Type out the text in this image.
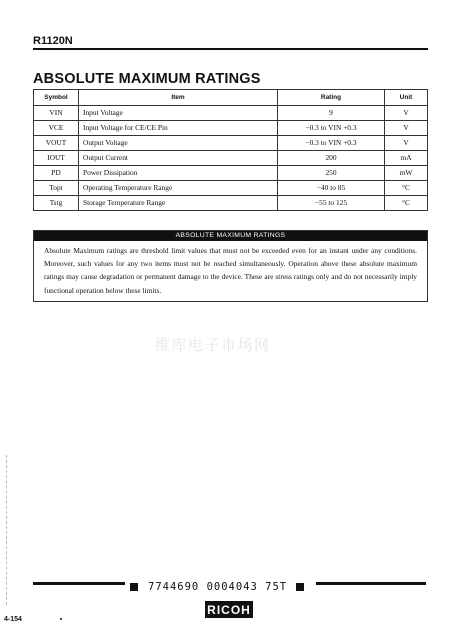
R1120N
ABSOLUTE MAXIMUM RATINGS
Symbol	Item	Rating	Unit
VIN	Input Voltage	9	V
VCE	Input Voltage for CE/CE Pin	−0.3 to VIN +0.3	V
VOUT	Output Voltage	−0.3 to VIN +0.3	V
IOUT	Output Current	200	mA
PD	Power Dissipation	250	mW
Topt	Operating Temperature Range	−40 to 85	°C
Tstg	Storage Temperature Range	−55 to 125	°C
ABSOLUTE MAXIMUM RATINGS
Absolute Maximum ratings are threshold limit values that must not be exceeded even for an instant under any conditions. Moreover, such values for any two items must not be reached simultaneously. Operation above these absolute maximum ratings may cause degradation or permanent damage to the device. These are stress ratings only and do not necessarily imply functional operation below these limits.
维库电子市场网
7744690 0004043 75T
4-154
RICOH
